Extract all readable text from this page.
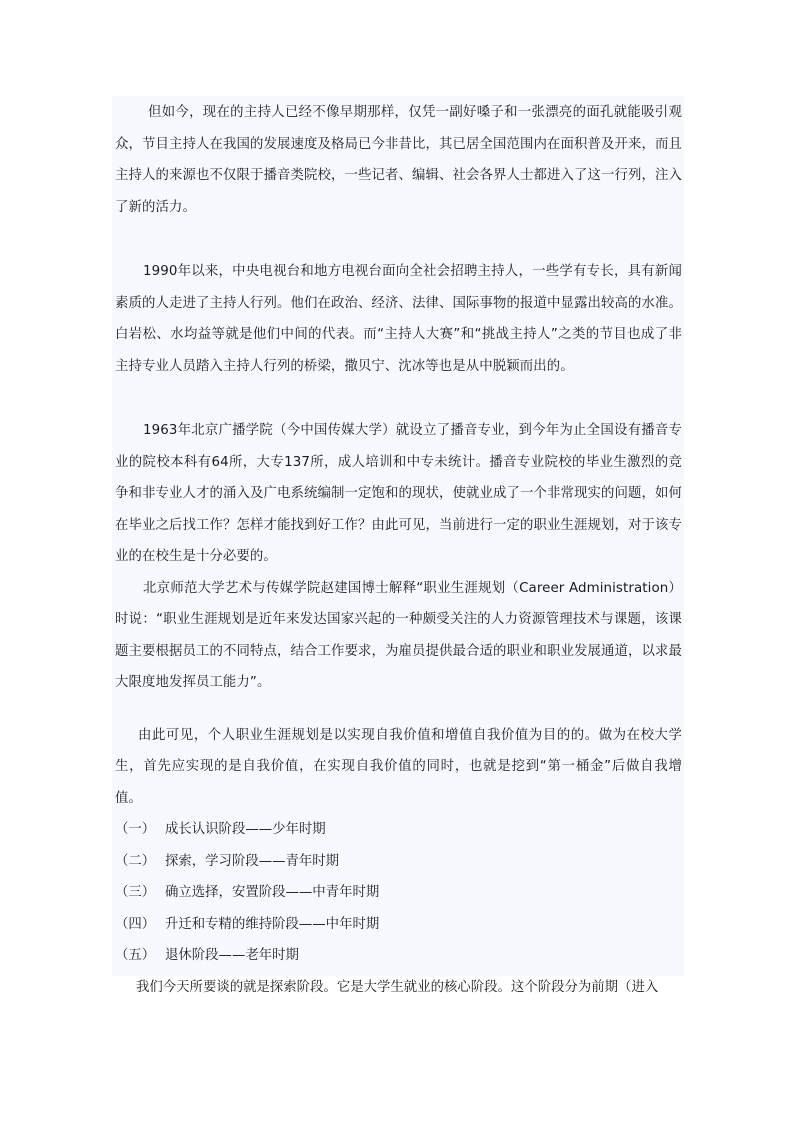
但如今，现在的主持人已经不像早期那样，仅凭一副好嗓子和一张漂亮的面孔就能吸引观众，节目主持人在我国的发展速度及格局已今非昔比，其已居全国范围内在面积普及开来，而且主持人的来源也不仅限于播音类院校，一些记者、编辑、社会各界人士都进入了这一行列，注入了新的活力。

1990年以来，中央电视台和地方电视台面向全社会招聘主持人，一些学有专长，具有新闻素质的人走进了主持人行列。他们在政治、经济、法律、国际事物的报道中显露出较高的水准。白岩松、水均益等就是他们中间的代表。而“主持人大赛”和“挑战主持人”之类的节目也成了非主持专业人员踏入主持人行列的桥梁，撒贝宁、沈冰等也是从中脱颖而出的。

1963年北京广播学院（今中国传媒大学）就设立了播音专业，到今年为止全国设有播音专业的院校本科有64所，大专137所，成人培训和中专未统计。播音专业院校的毕业生激烈的竞争和非专业人才的涌入及广电系统编制一定饱和的现状，使就业成了一个非常现实的问题，如何在毕业之后找工作？怎样才能找到好工作？由此可见，当前进行一定的职业生涯规划，对于该专业的在校生是十分必要的。

北京师范大学艺术与传媒学院赵建国博士解释“职业生涯规划（Career Administration）时说：“职业生涯规划是近年来发达国家兴起的一种颇受关注的人力资源管理技术与课题，该课题主要根据员工的不同特点，结合工作要求，为雇员提供最合适的职业和职业发展通道，以求最大限度地发挥员工能力”。

由此可见，个人职业生涯规划是以实现自我价值和增值自我价值为目的的。做为在校大学生，首先应实现的是自我价值，在实现自我价值的同时，也就是挖到“第一桶金”后做自我增值。

（一） 成长认识阶段——少年时期
（二） 探索，学习阶段——青年时期
（三） 确立选择，安置阶段——中青年时期
（四） 升迁和专精的维持阶段——中年时期
（五） 退休阶段——老年时期

我们今天所要谈的就是探索阶段。它是大学生就业的核心阶段。这个阶段分为前期（进入
